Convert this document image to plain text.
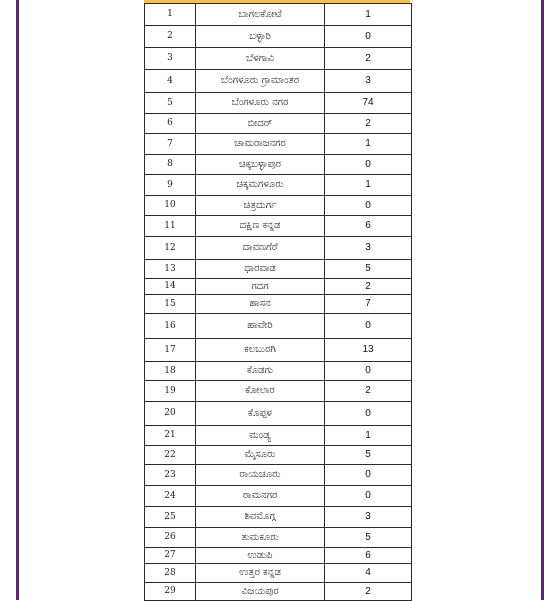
1	ಬಾಗಲಕೋಟೆ	1
2	ಬಳ್ಳಾರಿ	0
3	ಬೆಳಗಾವಿ	2
4	ಬೆಂಗಳೂರು ಗ್ರಾಮಾಂತರ	3
5	ಬೆಂಗಳೂರು ನಗರ	74
6	ಬೀದರ್	2
7	ಚಾಮರಾಜನಗರ	1
8	ಚಿಕ್ಕಬಳ್ಳಾಪುರ	0
9	ಚಿಕ್ಕಮಗಳೂರು	1
10	ಚಿತ್ರದುರ್ಗ	0
11	ದಕ್ಷಿಣ ಕನ್ನಡ	6
12	ದಾವಣಗೆರೆ	3
13	ಧಾರವಾಡ	5
14	ಗದಗ	2
15	ಹಾಸನ	7
16	ಹಾವೇರಿ	0
17	ಕಲಬುರಗಿ	13
18	ಕೊಡಗು	0
19	ಕೋಲಾರ	2
20	ಕೊಪ್ಪಳ	0
21	ಮಂಡ್ಯ	1
22	ಮೈಸೂರು	5
23	ರಾಯಚೂರು	0
24	ರಾಮನಗರ	0
25	ಶಿವಮೊಗ್ಗ	3
26	ತುಮಕೂರು	5
27	ಉಡುಪಿ	6
28	ಉತ್ತರ ಕನ್ನಡ	4
29	ವಿಜಯಪುರ	2
